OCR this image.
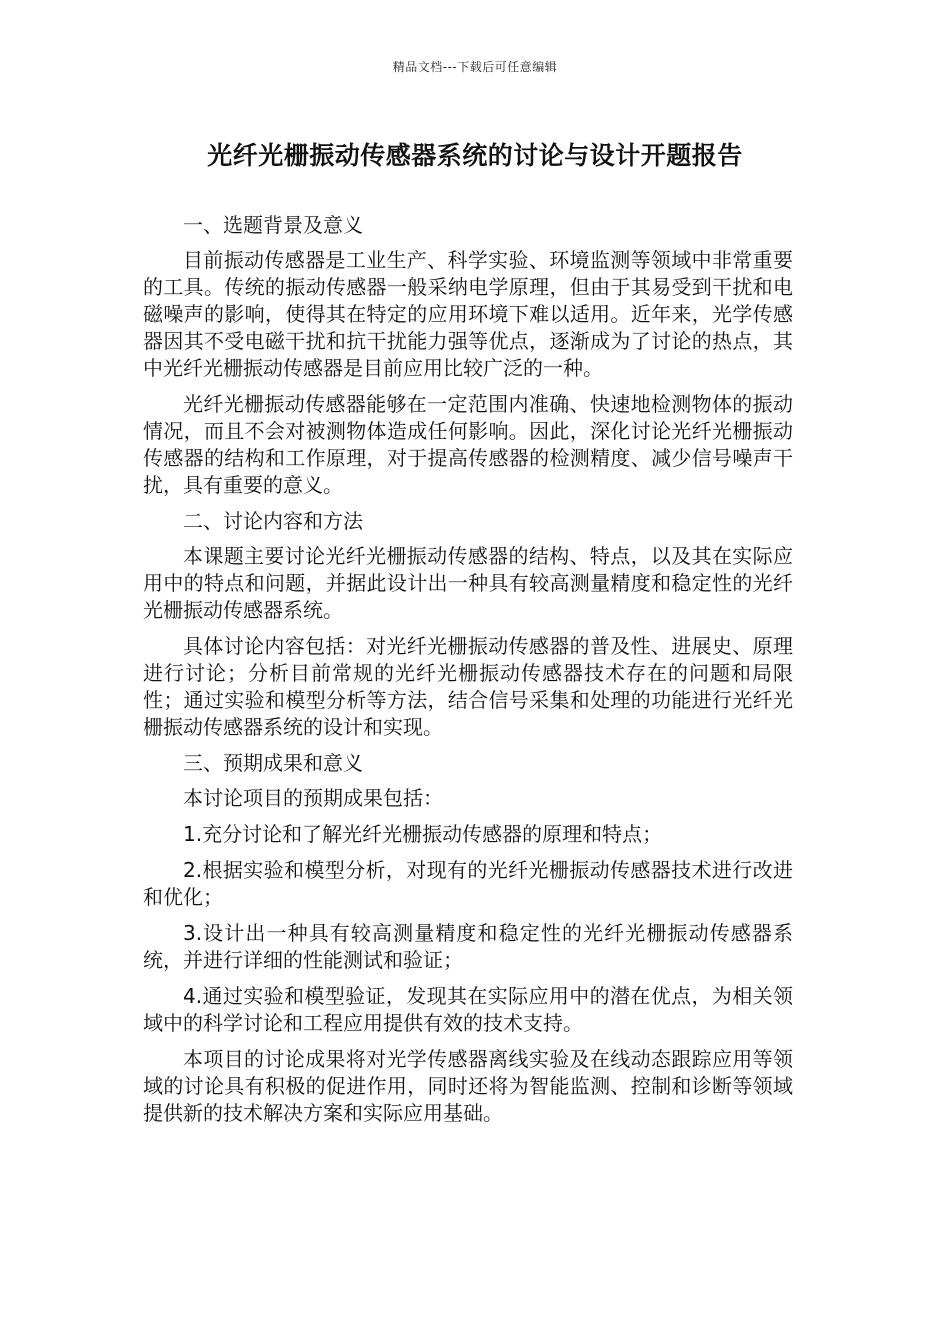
精品文档---下载后可任意编辑
光纤光栅振动传感器系统的讨论与设计开题报告

一、选题背景及意义

目前振动传感器是工业生产、科学实验、环境监测等领域中非常重要的工具。传统的振动传感器一般采纳电学原理，但由于其易受到干扰和电磁噪声的影响，使得其在特定的应用环境下难以适用。近年来，光学传感器因其不受电磁干扰和抗干扰能力强等优点，逐渐成为了讨论的热点，其中光纤光栅振动传感器是目前应用比较广泛的一种。

光纤光栅振动传感器能够在一定范围内准确、快速地检测物体的振动情况，而且不会对被测物体造成任何影响。因此，深化讨论光纤光栅振动传感器的结构和工作原理，对于提高传感器的检测精度、减少信号噪声干扰，具有重要的意义。

二、讨论内容和方法

本课题主要讨论光纤光栅振动传感器的结构、特点，以及其在实际应用中的特点和问题，并据此设计出一种具有较高测量精度和稳定性的光纤光栅振动传感器系统。

具体讨论内容包括：对光纤光栅振动传感器的普及性、进展史、原理进行讨论；分析目前常规的光纤光栅振动传感器技术存在的问题和局限性；通过实验和模型分析等方法，结合信号采集和处理的功能进行光纤光栅振动传感器系统的设计和实现。

三、预期成果和意义

本讨论项目的预期成果包括：

1.充分讨论和了解光纤光栅振动传感器的原理和特点；

2.根据实验和模型分析，对现有的光纤光栅振动传感器技术进行改进和优化；

3.设计出一种具有较高测量精度和稳定性的光纤光栅振动传感器系统，并进行详细的性能测试和验证；

4.通过实验和模型验证，发现其在实际应用中的潜在优点，为相关领域中的科学讨论和工程应用提供有效的技术支持。

本项目的讨论成果将对光学传感器离线实验及在线动态跟踪应用等领域的讨论具有积极的促进作用，同时还将为智能监测、控制和诊断等领域提供新的技术解决方案和实际应用基础。
